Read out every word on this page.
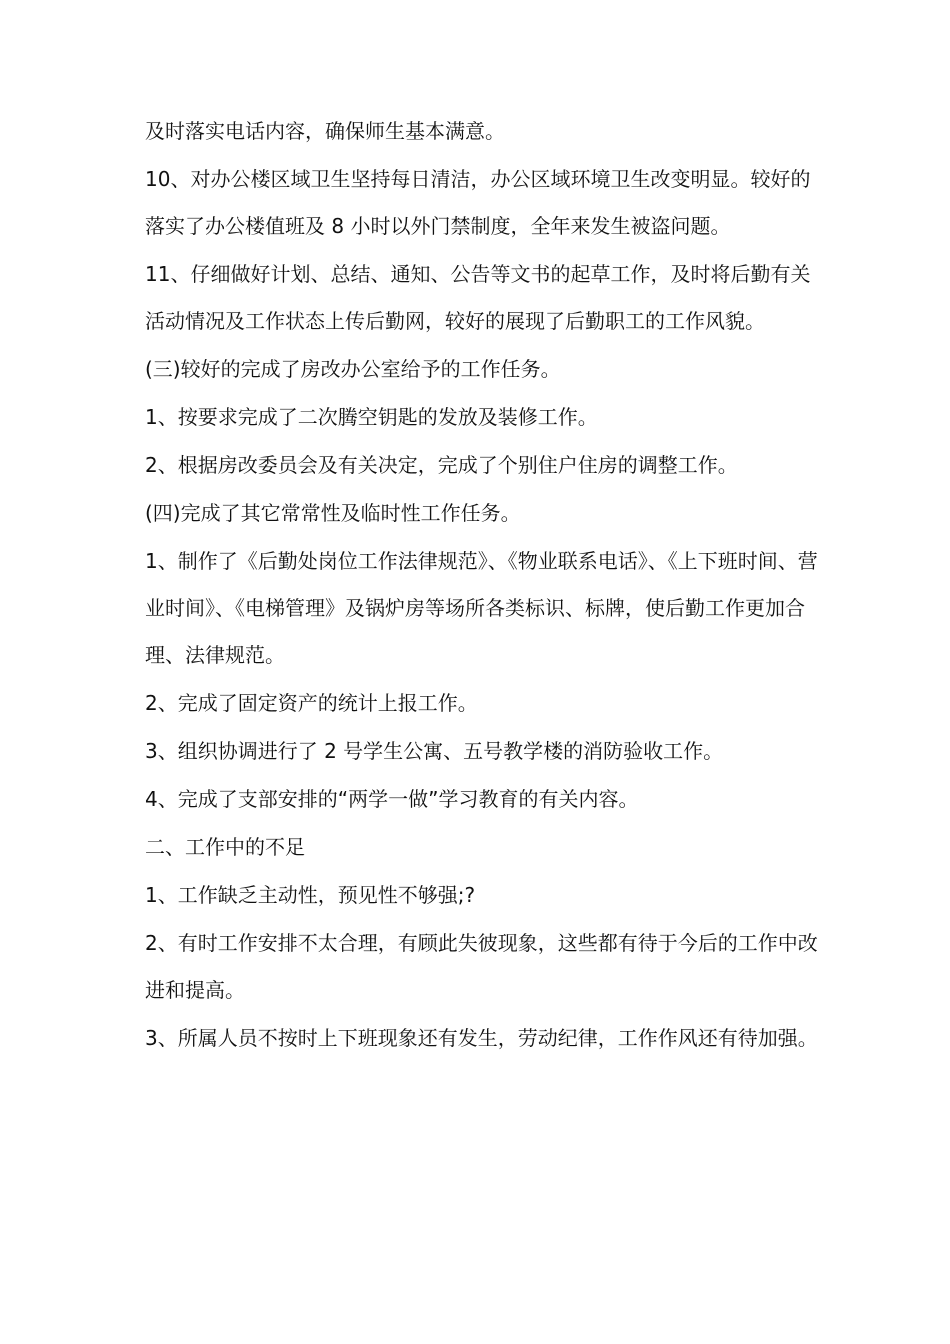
及时落实电话内容，确保师生基本满意。

10、对办公楼区域卫生坚持每日清洁，办公区域环境卫生改变明显。较好的落实了办公楼值班及 8 小时以外门禁制度，全年来发生被盗问题。

11、仔细做好计划、总结、通知、公告等文书的起草工作，及时将后勤有关活动情况及工作状态上传后勤网，较好的展现了后勤职工的工作风貌。

(三)较好的完成了房改办公室给予的工作任务。

1、按要求完成了二次腾空钥匙的发放及装修工作。

2、根据房改委员会及有关决定，完成了个别住户住房的调整工作。

(四)完成了其它常常性及临时性工作任务。

1、制作了《后勤处岗位工作法律规范》、《物业联系电话》、《上下班时间、营业时间》、《电梯管理》及锅炉房等场所各类标识、标牌，使后勤工作更加合理、法律规范。

2、完成了固定资产的统计上报工作。

3、组织协调进行了 2 号学生公寓、五号教学楼的消防验收工作。

4、完成了支部安排的“两学一做”学习教育的有关内容。

二、工作中的不足

1、工作缺乏主动性，预见性不够强;?

2、有时工作安排不太合理，有顾此失彼现象，这些都有待于今后的工作中改进和提高。

3、所属人员不按时上下班现象还有发生，劳动纪律，工作作风还有待加强。
